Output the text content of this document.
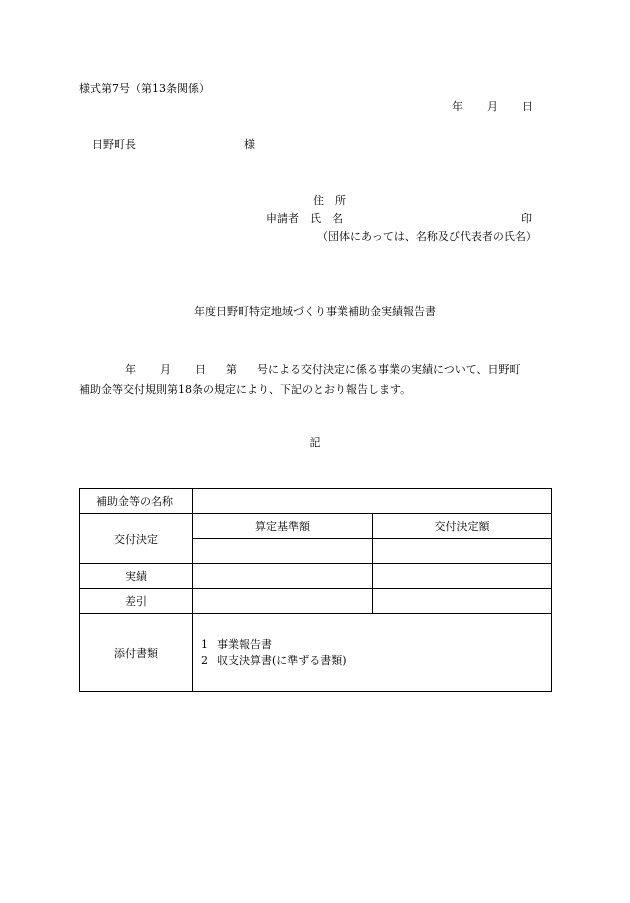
様式第7号（第13条関係）
年 月 日
日野町長	様
住　所
申請者　氏　名	印
（団体にあっては、名称及び代表者の氏名）
年度日野町特定地域づくり事業補助金実績報告書
年 月 日 第 号による交付決定に係る事業の実績について、日野町
補助金等交付規則第18条の規定により、下記のとおり報告します。
記
補助金等の名称		
交付決定	算定基準額	交付決定額

実績		
差引		
添付書類	1 事業報告書
2 収支決算書(に準ずる書類)	
